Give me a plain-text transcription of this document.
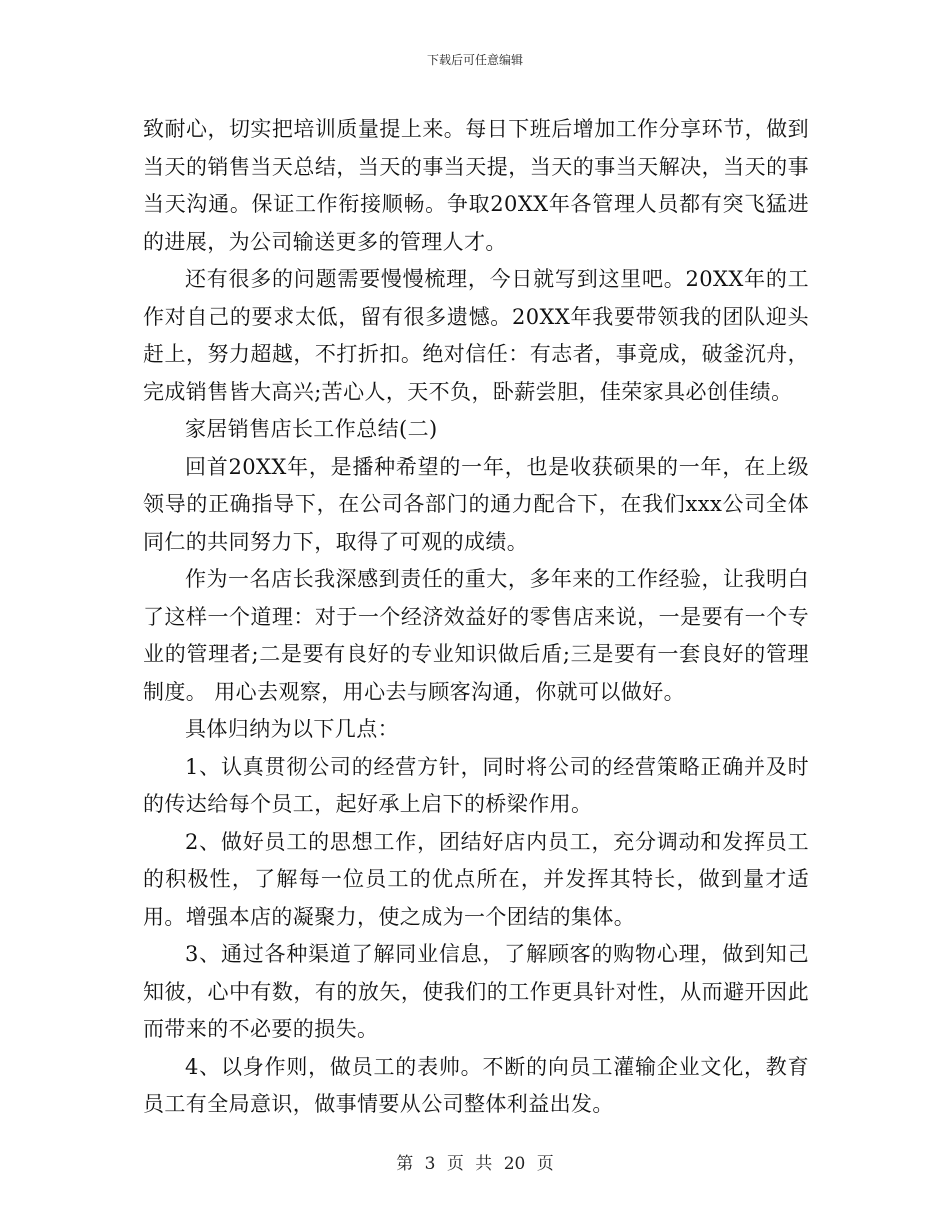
下载后可任意编辑

致耐心，切实把培训质量提上来。每日下班后增加工作分享环节，做到当天的销售当天总结，当天的事当天提，当天的事当天解决，当天的事当天沟通。保证工作衔接顺畅。争取20XX年各管理人员都有突飞猛进的进展，为公司输送更多的管理人才。

还有很多的问题需要慢慢梳理，今日就写到这里吧。20XX年的工作对自己的要求太低，留有很多遗憾。20XX年我要带领我的团队迎头赶上，努力超越，不打折扣。绝对信任：有志者，事竟成，破釜沉舟，完成销售皆大高兴;苦心人，天不负，卧薪尝胆，佳荣家具必创佳绩。

家居销售店长工作总结(二)

回首20XX年，是播种希望的一年，也是收获硕果的一年，在上级领导的正确指导下，在公司各部门的通力配合下，在我们xxx公司全体同仁的共同努力下，取得了可观的成绩。

作为一名店长我深感到责任的重大，多年来的工作经验，让我明白了这样一个道理：对于一个经济效益好的零售店来说，一是要有一个专业的管理者;二是要有良好的专业知识做后盾;三是要有一套良好的管理制度。 用心去观察，用心去与顾客沟通，你就可以做好。

具体归纳为以下几点：

1、认真贯彻公司的经营方针，同时将公司的经营策略正确并及时的传达给每个员工，起好承上启下的桥梁作用。

2、做好员工的思想工作，团结好店内员工，充分调动和发挥员工的积极性，了解每一位员工的优点所在，并发挥其特长，做到量才适用。增强本店的凝聚力，使之成为一个团结的集体。

3、通过各种渠道了解同业信息，了解顾客的购物心理，做到知己知彼，心中有数，有的放矢，使我们的工作更具针对性，从而避开因此而带来的不必要的损失。

4、以身作则，做员工的表帅。不断的向员工灌输企业文化，教育员工有全局意识，做事情要从公司整体利益出发。

第 3 页 共 20 页
